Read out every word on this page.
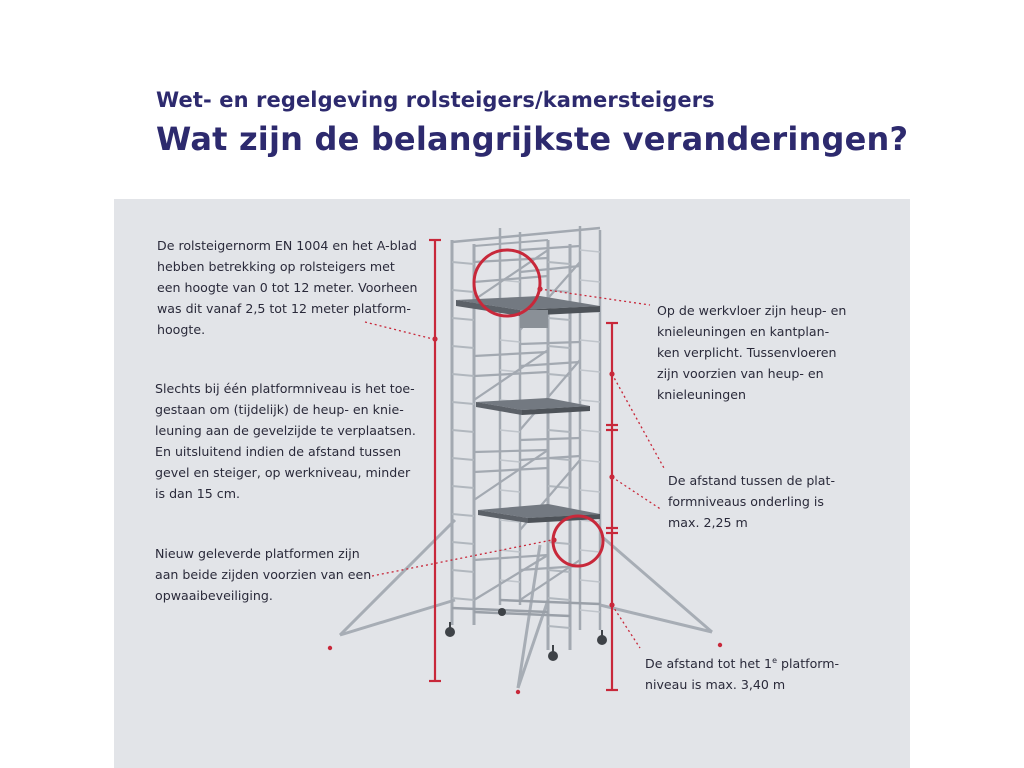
Wet- en regelgeving rolsteigers/kamersteigers
Wat zijn de belangrijkste veranderingen?
De rolsteigernorm EN 1004 en het A-blad
hebben betrekking op rolsteigers met
een hoogte van 0 tot 12 meter. Voorheen
was dit vanaf 2,5 tot 12 meter platform-
hoogte.
Slechts bij één platformniveau is het toe-
gestaan om (tijdelijk) de heup- en knie-
leuning aan de gevelzijde te verplaatsen.
En uitsluitend indien de afstand tussen
gevel en steiger, op werkniveau, minder
is dan 15 cm.
Nieuw geleverde platformen zijn
aan beide zijden voorzien van een
opwaaibeveiliging.
Op de werkvloer zijn heup- en
knieleuningen en kantplan-
ken verplicht. Tussenvloeren
zijn voorzien van heup- en
knieleuningen
De afstand tussen de plat-
formniveaus onderling is
max. 2,25 m
De afstand tot het 1e platform-
niveau is max. 3,40 m
